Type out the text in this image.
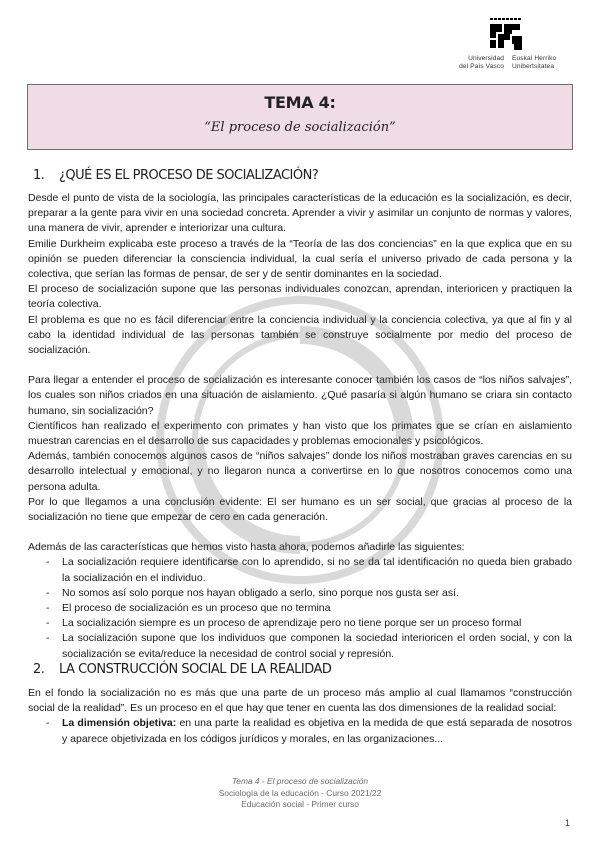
Universidad
del País Vasco
Euskal Herriko
Unibertsitatea
TEMA 4:
“El proceso de socialización”
1. ¿QUÉ ES EL PROCESO DE SOCIALIZACIÓN?

Desde el punto de vista de la sociología, las principales características de la educación es la socialización, es decir, preparar a la gente para vivir en una sociedad concreta. Aprender a vivir y asimilar un conjunto de normas y valores, una manera de vivir, aprender e interiorizar una cultura.

Emilie Durkheim explicaba este proceso a través de la “Teoría de las dos conciencias” en la que explica que en su opinión se pueden diferenciar la consciencia individual, la cual sería el universo privado de cada persona y la colectiva, que serían las formas de pensar, de ser y de sentir dominantes en la sociedad.

El proceso de socialización supone que las personas individuales conozcan, aprendan, interioricen y practiquen la teoría colectiva.

El problema es que no es fácil diferenciar entre la conciencia individual y la conciencia colectiva, ya que al fin y al cabo la identidad individual de las personas también se construye socialmente por medio del proceso de socialización.

Para llegar a entender el proceso de socialización es interesante conocer también los casos de “los niños salvajes”, los cuales son niños criados en una situación de aislamiento. ¿Qué pasaría si algún humano se criara sin contacto humano, sin socialización?

Científicos han realizado el experimento con primates y han visto que los primates que se crían en aislamiento muestran carencias en el desarrollo de sus capacidades y problemas emocionales y psicológicos.

Además, también conocemos algunos casos de “niños salvajes” donde los niños mostraban graves carencias en su desarrollo intelectual y emocional, y no llegaron nunca a convertirse en lo que nosotros conocemos como una persona adulta.

Por lo que llegamos a una conclusión evidente: El ser humano es un ser social, que gracias al proceso de la socialización no tiene que empezar de cero en cada generación.

Además de las características que hemos visto hasta ahora, podemos añadirle las siguientes:

- La socialización requiere identificarse con lo aprendido, si no se da tal identificación no queda bien grabado la socialización en el individuo.
- No somos así solo porque nos hayan obligado a serlo, sino porque nos gusta ser así.
- El proceso de socialización es un proceso que no termina
- La socialización siempre es un proceso de aprendizaje pero no tiene porque ser un proceso formal
- La socialización supone que los individuos que componen la sociedad interioricen el orden social, y con la socialización se evita/reduce la necesidad de control social y represión.
2. LA CONSTRUCCIÓN SOCIAL DE LA REALIDAD

En el fondo la socialización no es más que una parte de un proceso más amplio al cual llamamos “construcción social de la realidad”. Es un proceso en el que hay que tener en cuenta las dos dimensiones de la realidad social:

- La dimensión objetiva: en una parte la realidad es objetiva en la medida de que está separada de nosotros y aparece objetivizada en los códigos jurídicos y morales, en las organizaciones...
Tema 4 - El proceso de socialización
Sociología de la educación - Curso 2021/22
Educación social - Primer curso
1
